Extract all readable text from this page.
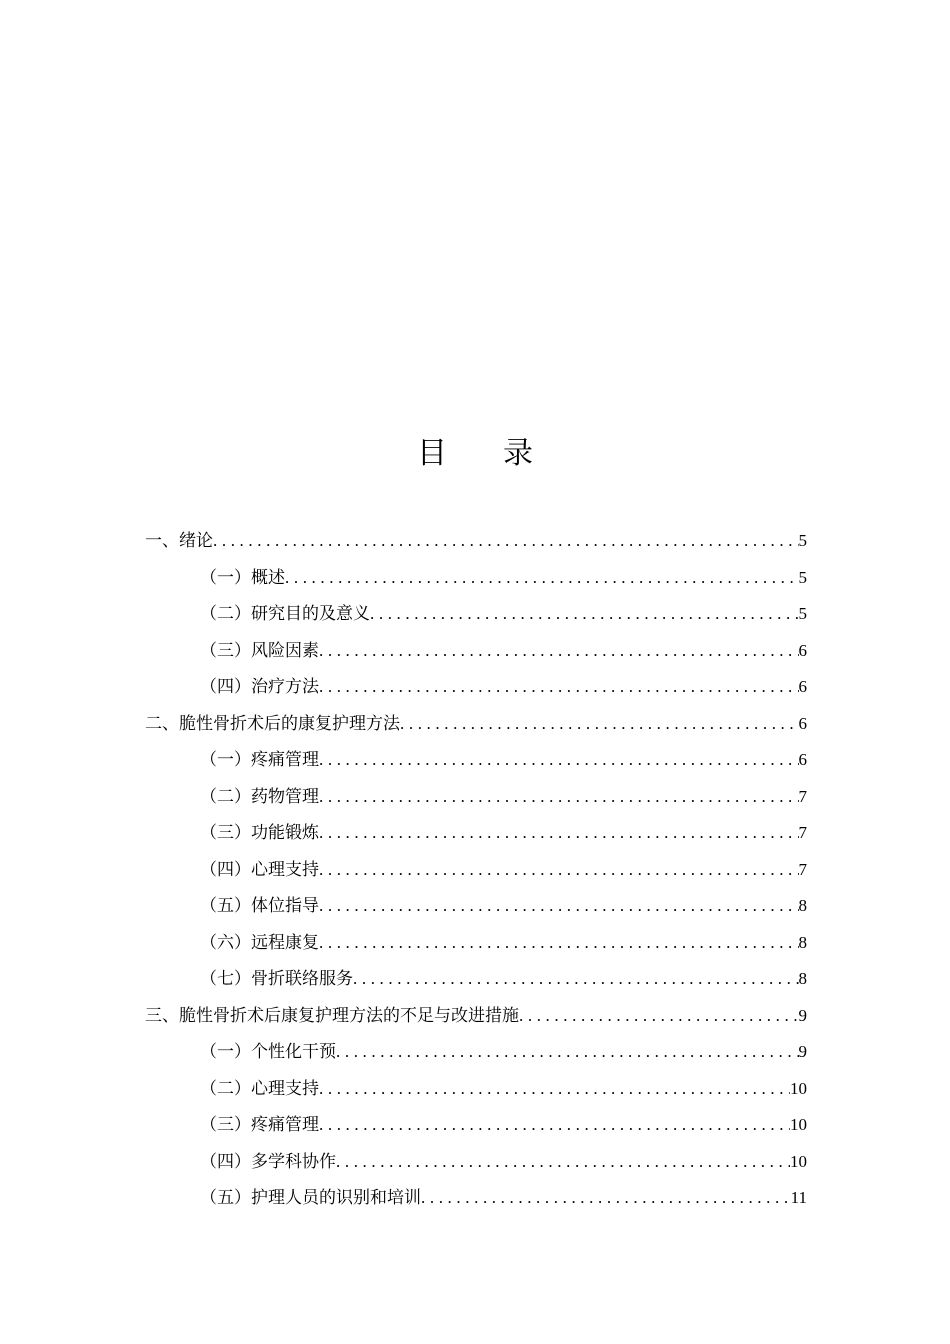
目录
一、绪论 .....	5
（一）概述 .....	5
（二）研究目的及意义 .....	5
（三）风险因素 .....	6
（四）治疗方法 .....	6
二、脆性骨折术后的康复护理方法 .....	6
（一）疼痛管理 .....	6
（二）药物管理 .....	7
（三）功能锻炼 .....	7
（四）心理支持 .....	7
（五）体位指导 .....	8
（六）远程康复 .....	8
（七）骨折联络服务 .....	8
三、脆性骨折术后康复护理方法的不足与改进措施 .....	9
（一）个性化干预 .....	9
（二）心理支持 .....	10
（三）疼痛管理 .....	10
（四）多学科协作 .....	10
（五）护理人员的识别和培训 .....	11
